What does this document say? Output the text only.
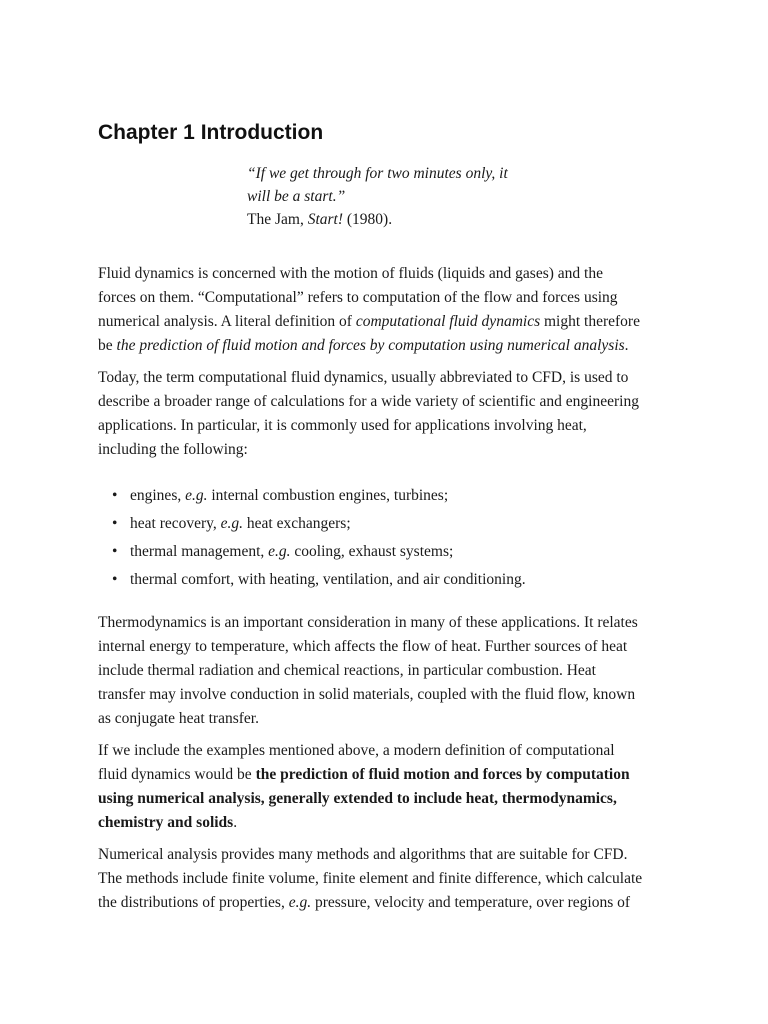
Chapter 1 Introduction
“If we get through for two minutes only, it
will be a start.”
The Jam, Start! (1980).

Fluid dynamics is concerned with the motion of fluids (liquids and gases) and the
forces on them. “Computational” refers to computation of the flow and forces using
numerical analysis. A literal definition of computational fluid dynamics might therefore
be the prediction of fluid motion and forces by computation using numerical analysis.

Today, the term computational fluid dynamics, usually abbreviated to CFD, is used to
describe a broader range of calculations for a wide variety of scientific and engineering
applications. In particular, it is commonly used for applications involving heat,
including the following:

• engines, e.g. internal combustion engines, turbines;
• heat recovery, e.g. heat exchangers;
• thermal management, e.g. cooling, exhaust systems;
• thermal comfort, with heating, ventilation, and air conditioning.

Thermodynamics is an important consideration in many of these applications. It relates
internal energy to temperature, which affects the flow of heat. Further sources of heat
include thermal radiation and chemical reactions, in particular combustion. Heat
transfer may involve conduction in solid materials, coupled with the fluid flow, known
as conjugate heat transfer.

If we include the examples mentioned above, a modern definition of computational
fluid dynamics would be the prediction of fluid motion and forces by computation
using numerical analysis, generally extended to include heat, thermodynamics,
chemistry and solids.

Numerical analysis provides many methods and algorithms that are suitable for CFD.
The methods include finite volume, finite element and finite difference, which calculate
the distributions of properties, e.g. pressure, velocity and temperature, over regions of
